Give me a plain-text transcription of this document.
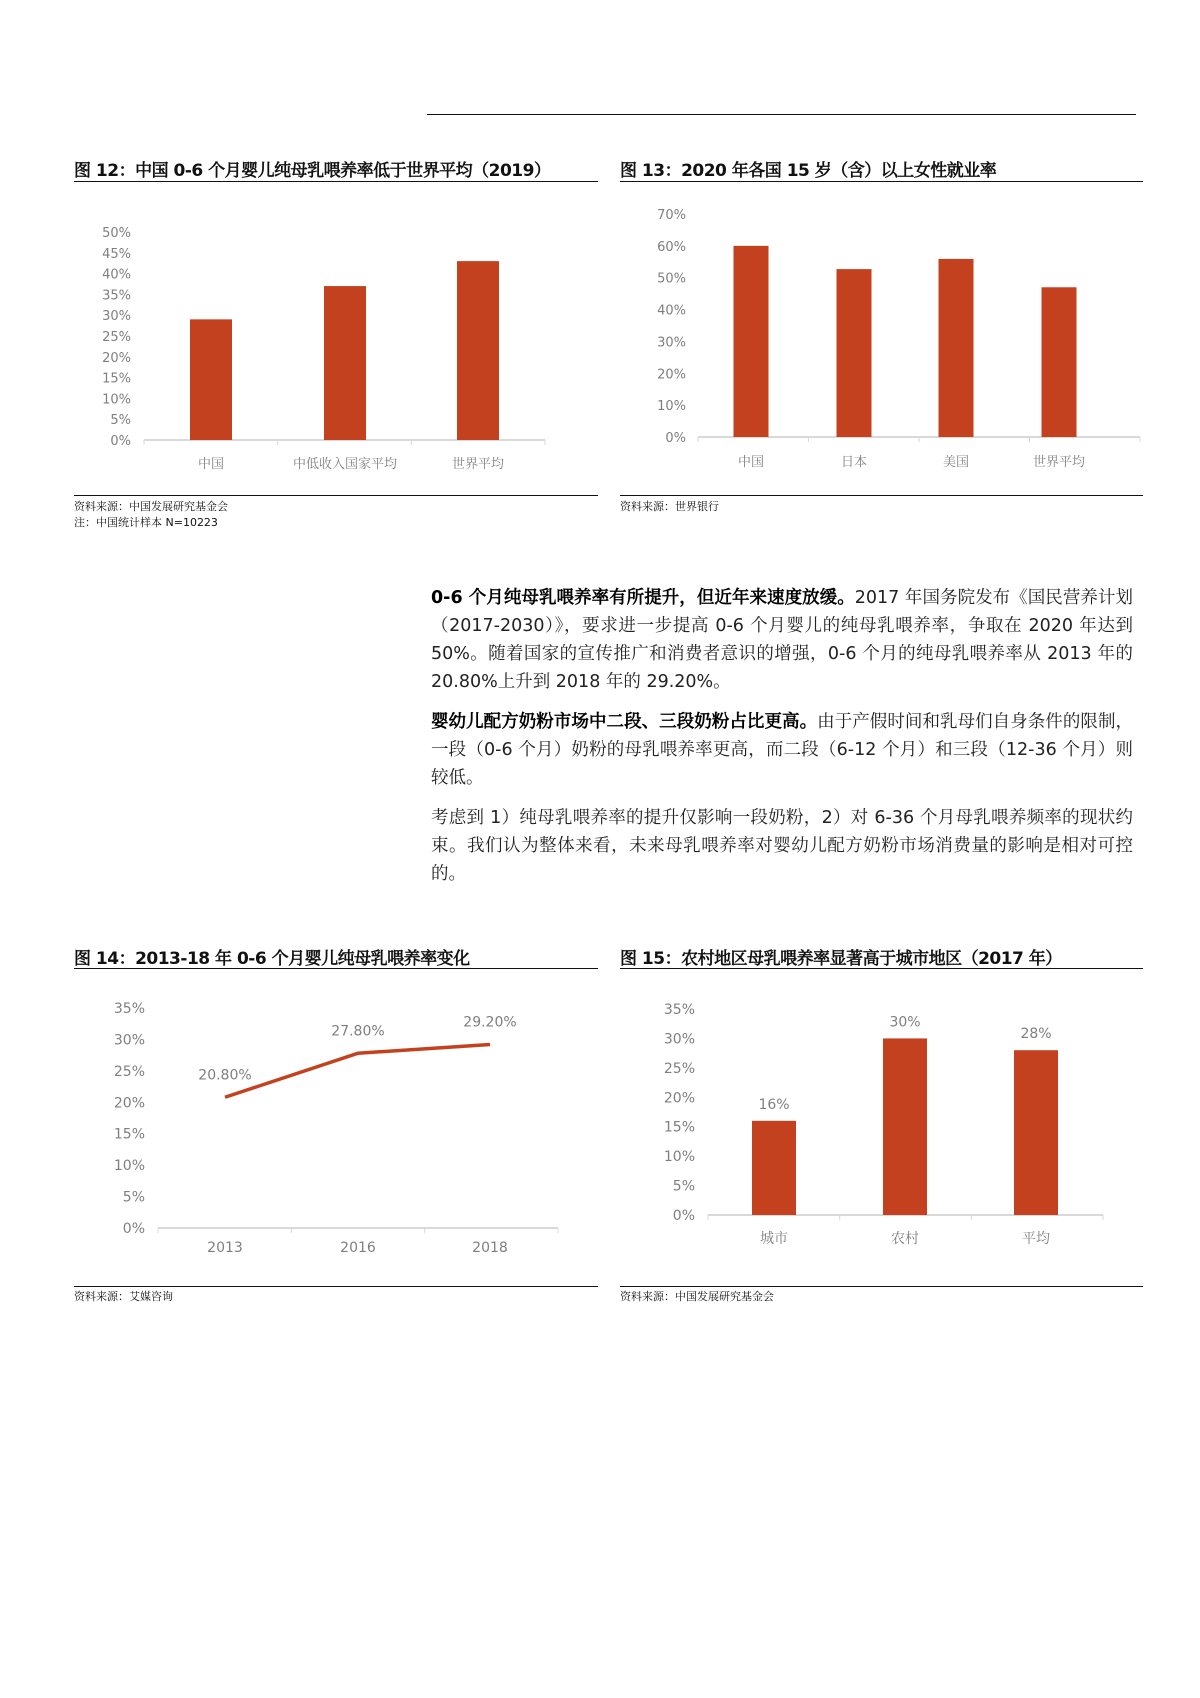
图 12：中国 0-6 个月婴儿纯母乳喂养率低于世界平均（2019）
0%
5%
10%
15%
20%
25%
30%
35%
40%
45%
50%
中国	中低收入国家平均	世界平均
资料来源：中国发展研究基金会
注：中国统计样本 N=10223
图 13：2020 年各国 15 岁（含）以上女性就业率
0%
10%
20%
30%
40%
50%
60%
70%
中国	日本	美国	世界平均
资料来源：世界银行

0-6 个月纯母乳喂养率有所提升，但近年来速度放缓。2017 年国务院发布《国民营养计划（2017-2030）》，要求进一步提高 0-6 个月婴儿的纯母乳喂养率，争取在 2020 年达到 50%。随着国家的宣传推广和消费者意识的增强，0-6 个月的纯母乳喂养率从 2013 年的 20.80%上升到 2018 年的 29.20%。

婴幼儿配方奶粉市场中二段、三段奶粉占比更高。由于产假时间和乳母们自身条件的限制，一段（0-6 个月）奶粉的母乳喂养率更高，而二段（6-12 个月）和三段（12-36 个月）则较低。

考虑到 1）纯母乳喂养率的提升仅影响一段奶粉，2）对 6-36 个月母乳喂养频率的现状约束。我们认为整体来看，未来母乳喂养率对婴幼儿配方奶粉市场消费量的影响是相对可控的。

图 14：2013-18 年 0-6 个月婴儿纯母乳喂养率变化
0%
5%
10%
15%
20%
25%
30%
35%
2013	2016	2018
20.80%
27.80%
29.20%
资料来源：艾媒咨询
图 15：农村地区母乳喂养率显著高于城市地区（2017 年）
0%
5%
10%
15%
20%
25%
30%
35%
城市	农村	平均
16%
30%
28%
资料来源：中国发展研究基金会
